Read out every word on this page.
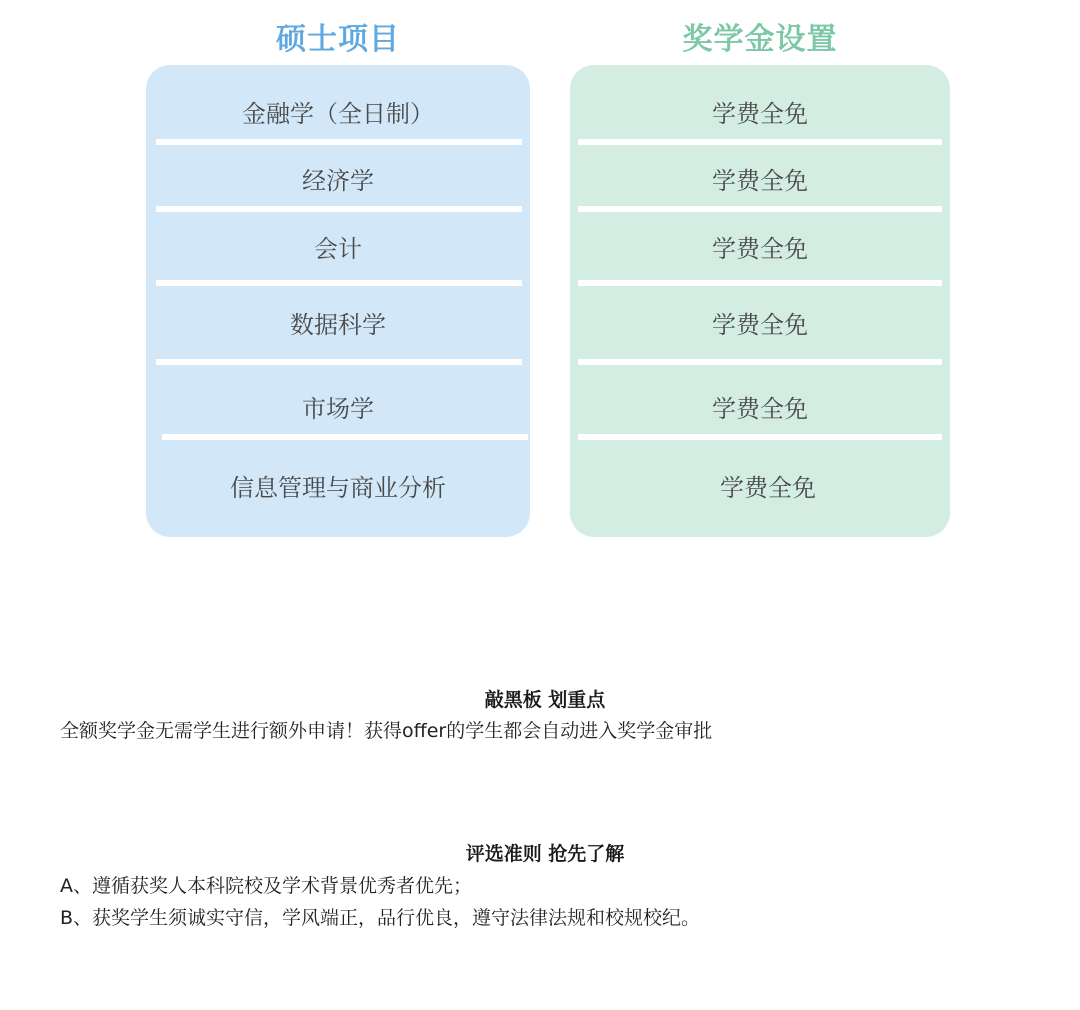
硕士项目	奖学金设置
金融学（全日制）
经济学
会计
数据科学
市场学
信息管理与商业分析
学费全免
学费全免
学费全免
学费全免
学费全免
学费全免
敲黑板 划重点
全额奖学金无需学生进行额外申请！获得offer的学生都会自动进入奖学金审批
评选准则 抢先了解
A、遵循获奖人本科院校及学术背景优秀者优先；
B、获奖学生须诚实守信，学风端正，品行优良，遵守法律法规和校规校纪。
